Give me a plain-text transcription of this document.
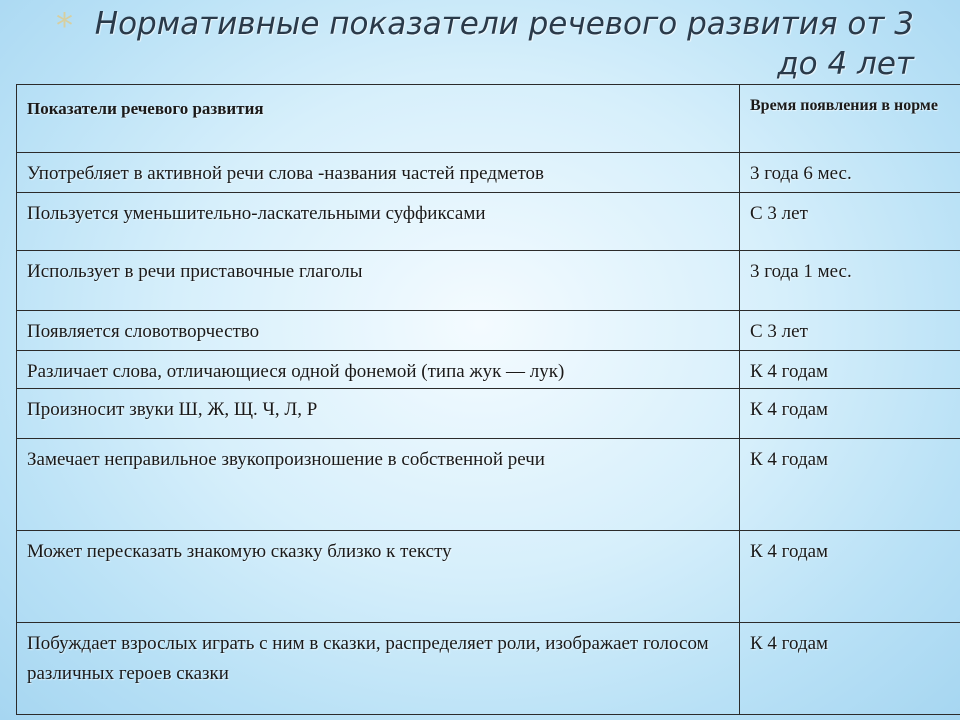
* Нормативные показатели речевого развития от 3 до 4 лет
Показатели речевого развития	Время появления в норме
Употребляет в активной речи слова -названия частей предметов	3 года 6 мес.
Пользуется уменьшительно-ласкательными суффиксами	С 3 лет
Использует в речи приставочные глаголы	3 года 1 мес.
Появляется словотворчество	С 3 лет
Различает слова, отличающиеся одной фонемой (типа жук — лук)	К 4 годам
Произносит звуки Ш, Ж, Щ. Ч, Л, Р	К 4 годам
Замечает неправильное звукопроизношение в собственной речи	К 4 годам
Может пересказать знакомую сказку близко к тексту	К 4 годам
Побуждает взрослых играть с ним в сказки, распределяет роли, изображает голосом различных героев сказки	К 4 годам
